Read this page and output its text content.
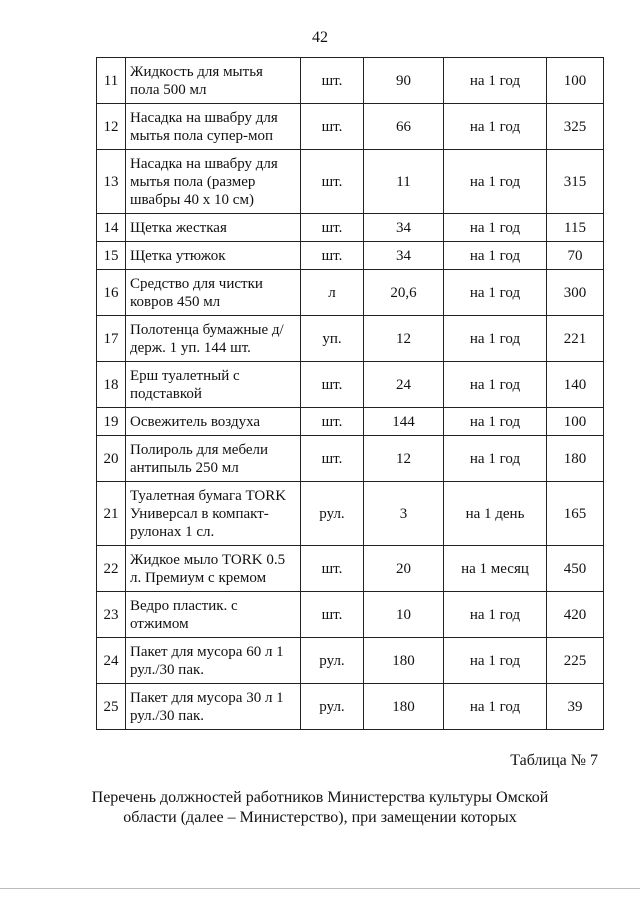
42
11	Жидкость для мытья пола 500 мл	шт.	90	на 1 год	100
12	Насадка на швабру для мытья пола супер-моп	шт.	66	на 1 год	325
13	Насадка на швабру для мытья пола (размер швабры 40 х 10 см)	шт.	11	на 1 год	315
14	Щетка жесткая	шт.	34	на 1 год	115
15	Щетка утюжок	шт.	34	на 1 год	70
16	Средство для чистки ковров 450 мл	л	20,6	на 1 год	300
17	Полотенца бумажные д/держ. 1 уп. 144 шт.	уп.	12	на 1 год	221
18	Ерш туалетный с подставкой	шт.	24	на 1 год	140
19	Освежитель воздуха	шт.	144	на 1 год	100
20	Полироль для мебели антипыль 250 мл	шт.	12	на 1 год	180
21	Туалетная бумага TORK Универсал в компакт-рулонах 1 сл.	рул.	3	на 1 день	165
22	Жидкое мыло TORK 0.5 л. Премиум с кремом	шт.	20	на 1 месяц	450
23	Ведро пластик. с отжимом	шт.	10	на 1 год	420
24	Пакет для мусора 60 л 1 рул./30 пак.	рул.	180	на 1 год	225
25	Пакет для мусора 30 л 1 рул./30 пак.	рул.	180	на 1 год	39
Таблица № 7
Перечень должностей работников Министерства культуры Омской
области (далее – Министерство), при замещении которых
